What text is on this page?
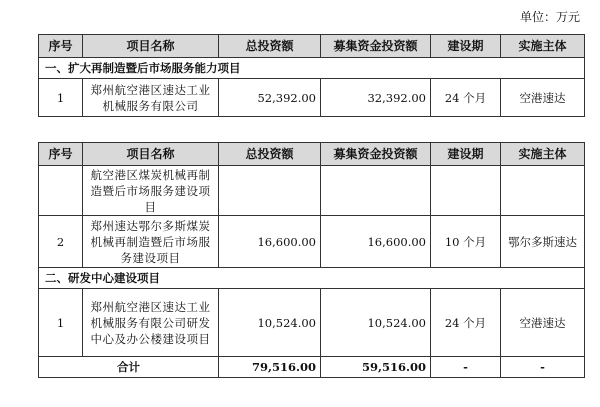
单位：万元
序号	项目名称	总投资额	募集资金投资额	建设期	实施主体
一、扩大再制造暨后市场服务能力项目					
1	郑州航空港区速达工业机械服务有限公司	52,392.00	32,392.00	24 个月	空港速达
序号	项目名称	总投资额	募集资金投资额	建设期	实施主体
	航空港区煤炭机械再制造暨后市场服务建设项目				
2	郑州速达鄂尔多斯煤炭机械再制造暨后市场服务建设项目	16,600.00	16,600.00	10 个月	鄂尔多斯速达
二、研发中心建设项目					
1	郑州航空港区速达工业机械服务有限公司研发中心及办公楼建设项目	10,524.00	10,524.00	24 个月	空港速达
合计		79,516.00	59,516.00	-	-
